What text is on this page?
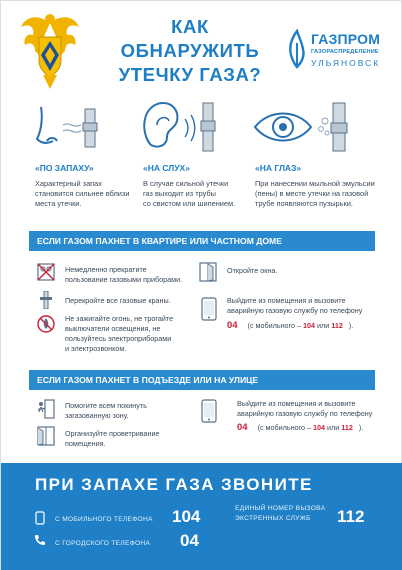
КАК ОБНАРУЖИТЬ
УТЕЧКУ ГАЗА?
ГАЗПРОМ
ГАЗОРАСПРЕДЕЛЕНИЕ
УЛЬЯНОВСК
«ПО ЗАПАХУ»
Характерный запах
становится сильнее вблизи
места утечки.
«НА СЛУХ»
В случае сильной утечки
газ выходит из трубы
со свистом или шипением.
«НА ГЛАЗ»
При нанесении мыльной эмульсии
(пены) в месте утечки на газовой
трубе появляются пузырьки.
ЕСЛИ ГАЗОМ ПАХНЕТ В КВАРТИРЕ ИЛИ ЧАСТНОМ ДОМЕ
Немедленно прекратите
пользование газовыми приборами.
Перекройте все газовые краны.
Не зажигайте огонь, не трогайте
выключатели освещения, не
пользуйтесь электроприборами
и электрозвонком.
Откройте окна.
Выйдите из помещения и вызовите
аварийную газовую службу по телефону
04 (с мобильного – 104 или 112 ).
ЕСЛИ ГАЗОМ ПАХНЕТ В ПОДЪЕЗДЕ ИЛИ НА УЛИЦЕ
Помогите всем покинуть
загазованную зону.
Организуйте проветривание
помещения.
Выйдите из помещения и вызовите
аварийную газовую службу по телефону
04 (с мобильного – 104 или 112 ).
ПРИ ЗАПАХЕ ГАЗА ЗВОНИТЕ
С МОБИЛЬНОГО ТЕЛЕФОНА 104
С ГОРОДСКОГО ТЕЛЕФОНА 04
ЕДИНЫЙ НОМЕР ВЫЗОВА
ЭКСТРЕННЫХ СЛУЖБ 112
